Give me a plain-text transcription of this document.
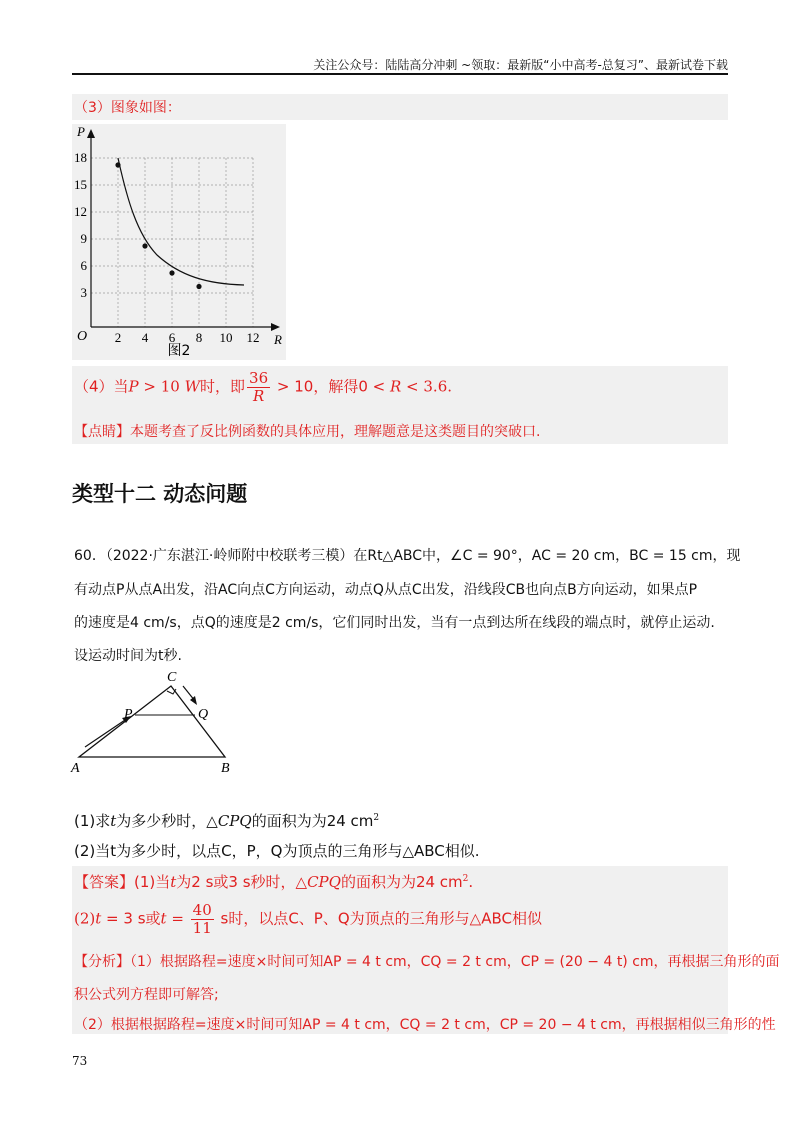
关注公众号：陆陆高分冲刺 ~领取：最新版“小中高考-总复习”、最新试卷下载
（3）图象如图：
P
R
O 2 4 6 8 10 12
3
6
9
12
15
18
图2
（4）当P > 10 W时，即 $\frac{36}{R} > 10$，解得0 < R < 3.6.
【点睛】本题考查了反比例函数的具体应用，理解题意是这类题目的突破口.
类型十二 动态问题
60．（2022·广东湛江·岭师附中校联考三模）在Rt△ABC中，∠C = 90°，AC = 20 cm，BC = 15 cm，现
有动点P从点A出发，沿AC向点C方向运动，动点Q从点C出发，沿线段CB也向点B方向运动，如果点P
的速度是4 cm/s，点Q的速度是2 cm/s，它们同时出发，当有一点到达所在线段的端点时，就停止运动.
设运动时间为t秒.
A	B
C
P	Q
(1)求t为多少秒时，△CPQ的面积为为24 $cm^2$
(2)当t为多少时，以点C，P，Q为顶点的三角形与△ABC相似.
【答案】(1)当t为2 s或3 s秒时，△CPQ的面积为为24 $cm^2$.
(2)t = 3 s或$t = \frac{40}{11}$ s时，以点C、P、Q为顶点的三角形与△ABC相似
【分析】（1）根据路程=速度×时间可知AP = 4 t cm，CQ = 2 t cm，CP = (20 − 4 t) cm，再根据三角形的面
积公式列方程即可解答;
（2）根据根据路程=速度×时间可知AP = 4 t cm，CQ = 2 t cm，CP = 20 − 4 t cm，再根据相似三角形的性
73
